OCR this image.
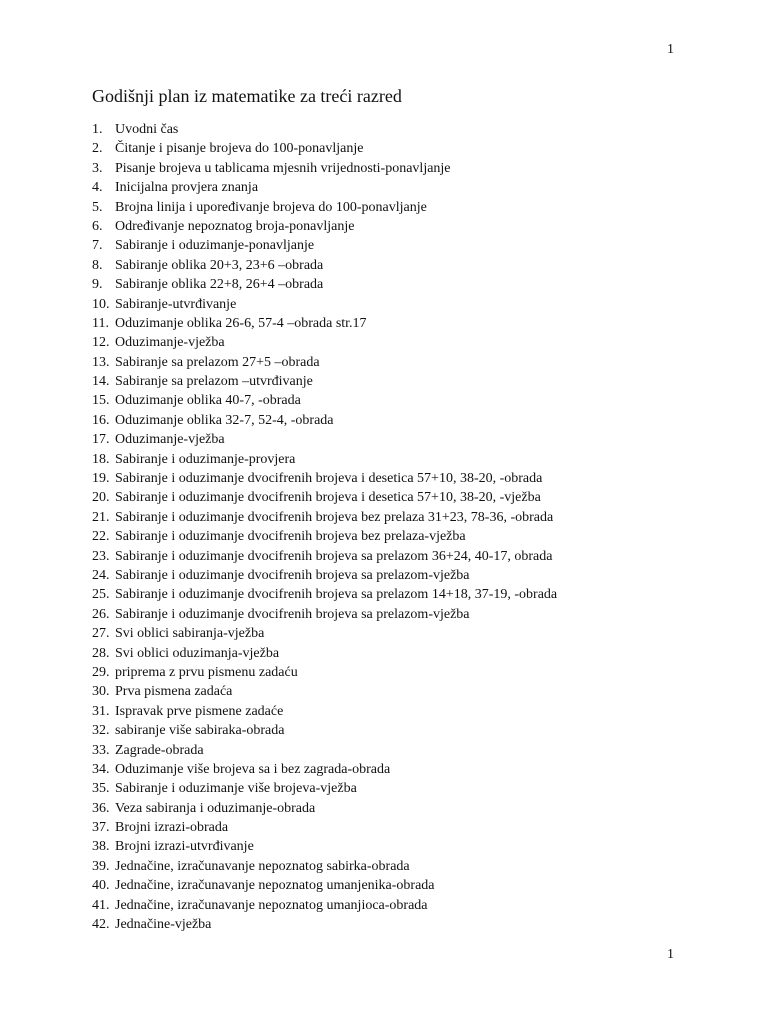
1
Godišnji plan iz matematike za treći razred
1. Uvodni čas
2. Čitanje i pisanje brojeva do 100-ponavljanje
3. Pisanje brojeva u tablicama mjesnih vrijednosti-ponavljanje
4. Inicijalna provjera znanja
5. Brojna linija i upoređivanje brojeva do 100-ponavljanje
6. Određivanje nepoznatog broja-ponavljanje
7. Sabiranje i oduzimanje-ponavljanje
8. Sabiranje oblika 20+3, 23+6 –obrada
9. Sabiranje oblika 22+8, 26+4 –obrada
10. Sabiranje-utvrđivanje
11. Oduzimanje oblika 26-6, 57-4 –obrada str.17
12. Oduzimanje-vježba
13. Sabiranje sa prelazom 27+5 –obrada
14. Sabiranje sa prelazom –utvrđivanje
15. Oduzimanje oblika 40-7, -obrada
16. Oduzimanje oblika 32-7, 52-4, -obrada
17. Oduzimanje-vježba
18. Sabiranje i oduzimanje-provjera
19. Sabiranje i oduzimanje dvocifrenih brojeva i desetica 57+10, 38-20, -obrada
20. Sabiranje i oduzimanje dvocifrenih brojeva i desetica 57+10, 38-20, -vježba
21. Sabiranje i oduzimanje dvocifrenih brojeva bez prelaza 31+23, 78-36, -obrada
22. Sabiranje i oduzimanje dvocifrenih brojeva bez prelaza-vježba
23. Sabiranje i oduzimanje dvocifrenih brojeva sa prelazom 36+24, 40-17, obrada
24. Sabiranje i oduzimanje dvocifrenih brojeva sa prelazom-vježba
25. Sabiranje i oduzimanje dvocifrenih brojeva sa prelazom 14+18, 37-19, -obrada
26. Sabiranje i oduzimanje dvocifrenih brojeva sa prelazom-vježba
27. Svi oblici sabiranja-vježba
28. Svi oblici oduzimanja-vježba
29. priprema z prvu pismenu zadaću
30. Prva pismena zadaća
31. Ispravak prve pismene zadaće
32. sabiranje više sabiraka-obrada
33. Zagrade-obrada
34. Oduzimanje više brojeva sa i bez zagrada-obrada
35. Sabiranje i oduzimanje više brojeva-vježba
36. Veza sabiranja i oduzimanje-obrada
37. Brojni izrazi-obrada
38. Brojni izrazi-utvrđivanje
39. Jednačine, izračunavanje nepoznatog sabirka-obrada
40. Jednačine, izračunavanje nepoznatog umanjenika-obrada
41. Jednačine, izračunavanje nepoznatog umanjioca-obrada
42. Jednačine-vježba
1
